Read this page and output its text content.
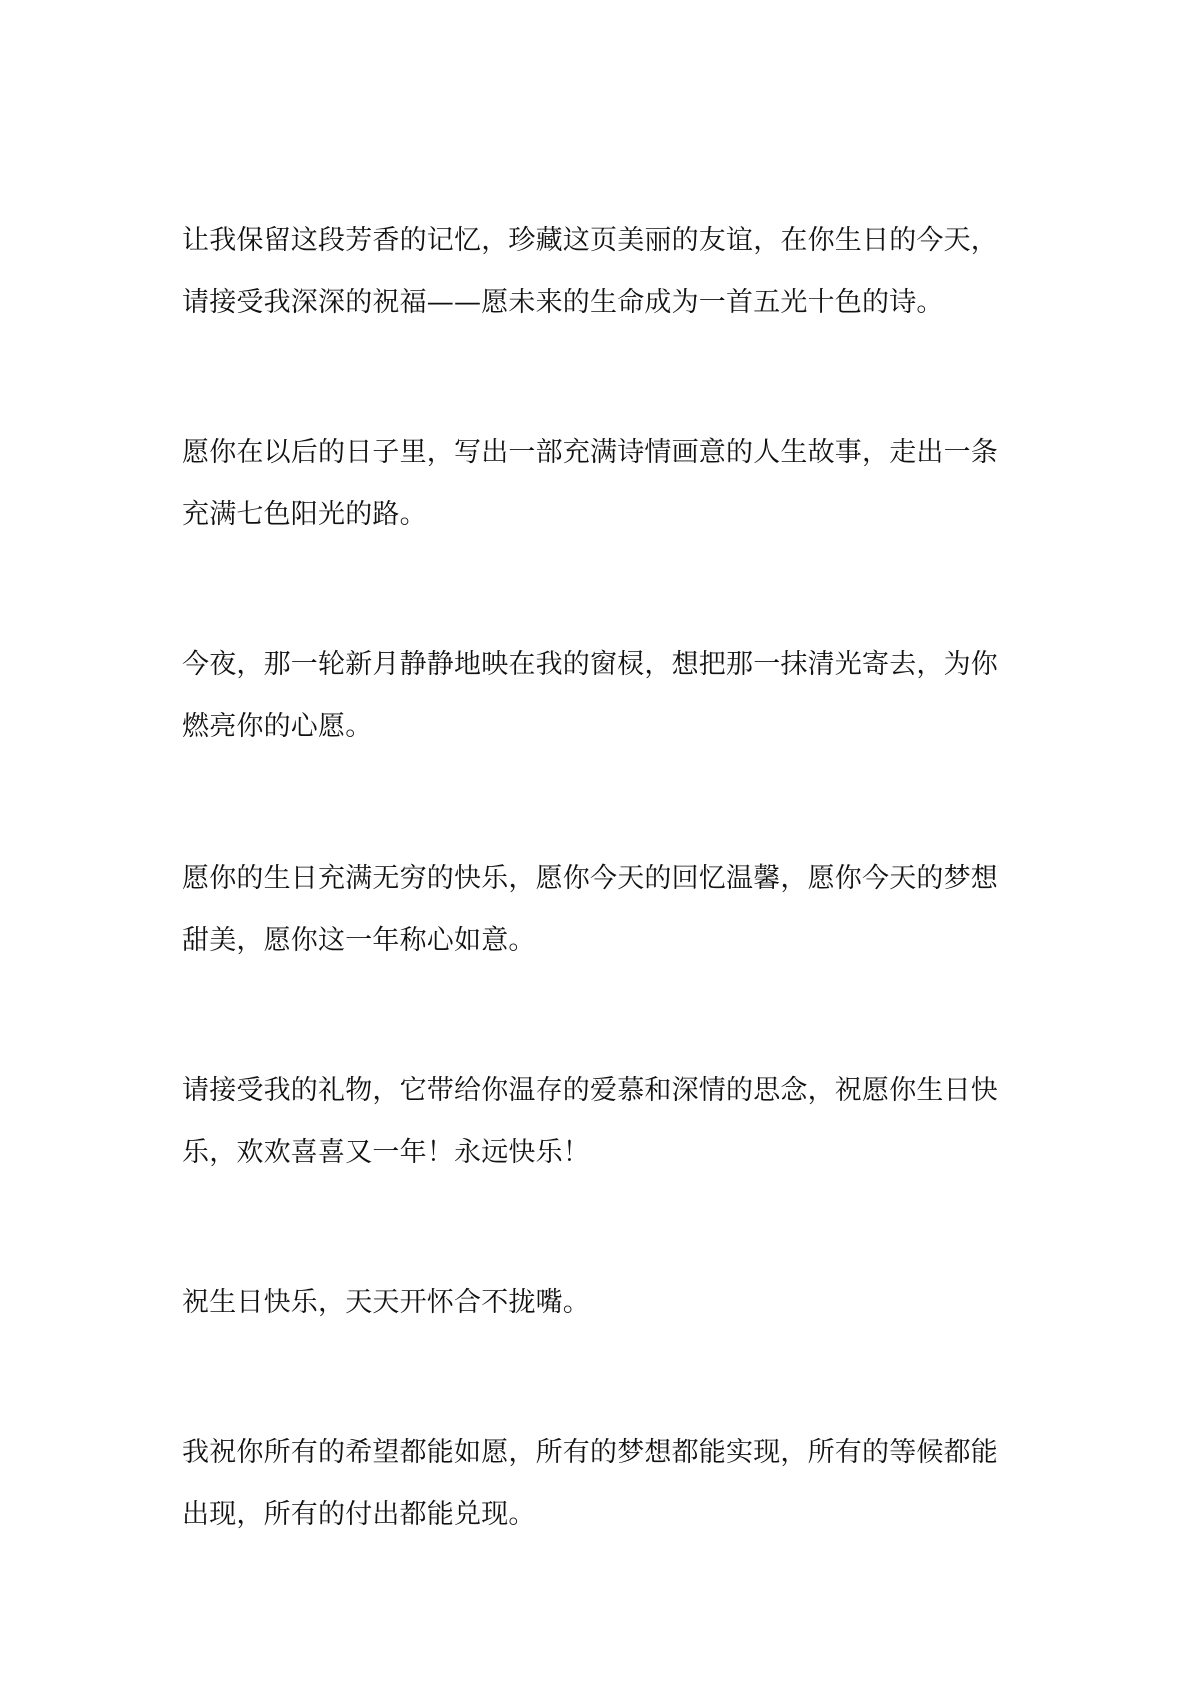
让我保留这段芳香的记忆，珍藏这页美丽的友谊，在你生日的今天，
请接受我深深的祝福——愿未来的生命成为一首五光十色的诗。

愿你在以后的日子里，写出一部充满诗情画意的人生故事，走出一条
充满七色阳光的路。

今夜，那一轮新月静静地映在我的窗棂，想把那一抹清光寄去，为你
燃亮你的心愿。

愿你的生日充满无穷的快乐，愿你今天的回忆温馨，愿你今天的梦想
甜美，愿你这一年称心如意。

请接受我的礼物，它带给你温存的爱慕和深情的思念，祝愿你生日快
乐，欢欢喜喜又一年！永远快乐！

祝生日快乐，天天开怀合不拢嘴。

我祝你所有的希望都能如愿，所有的梦想都能实现，所有的等候都能
出现，所有的付出都能兑现。
